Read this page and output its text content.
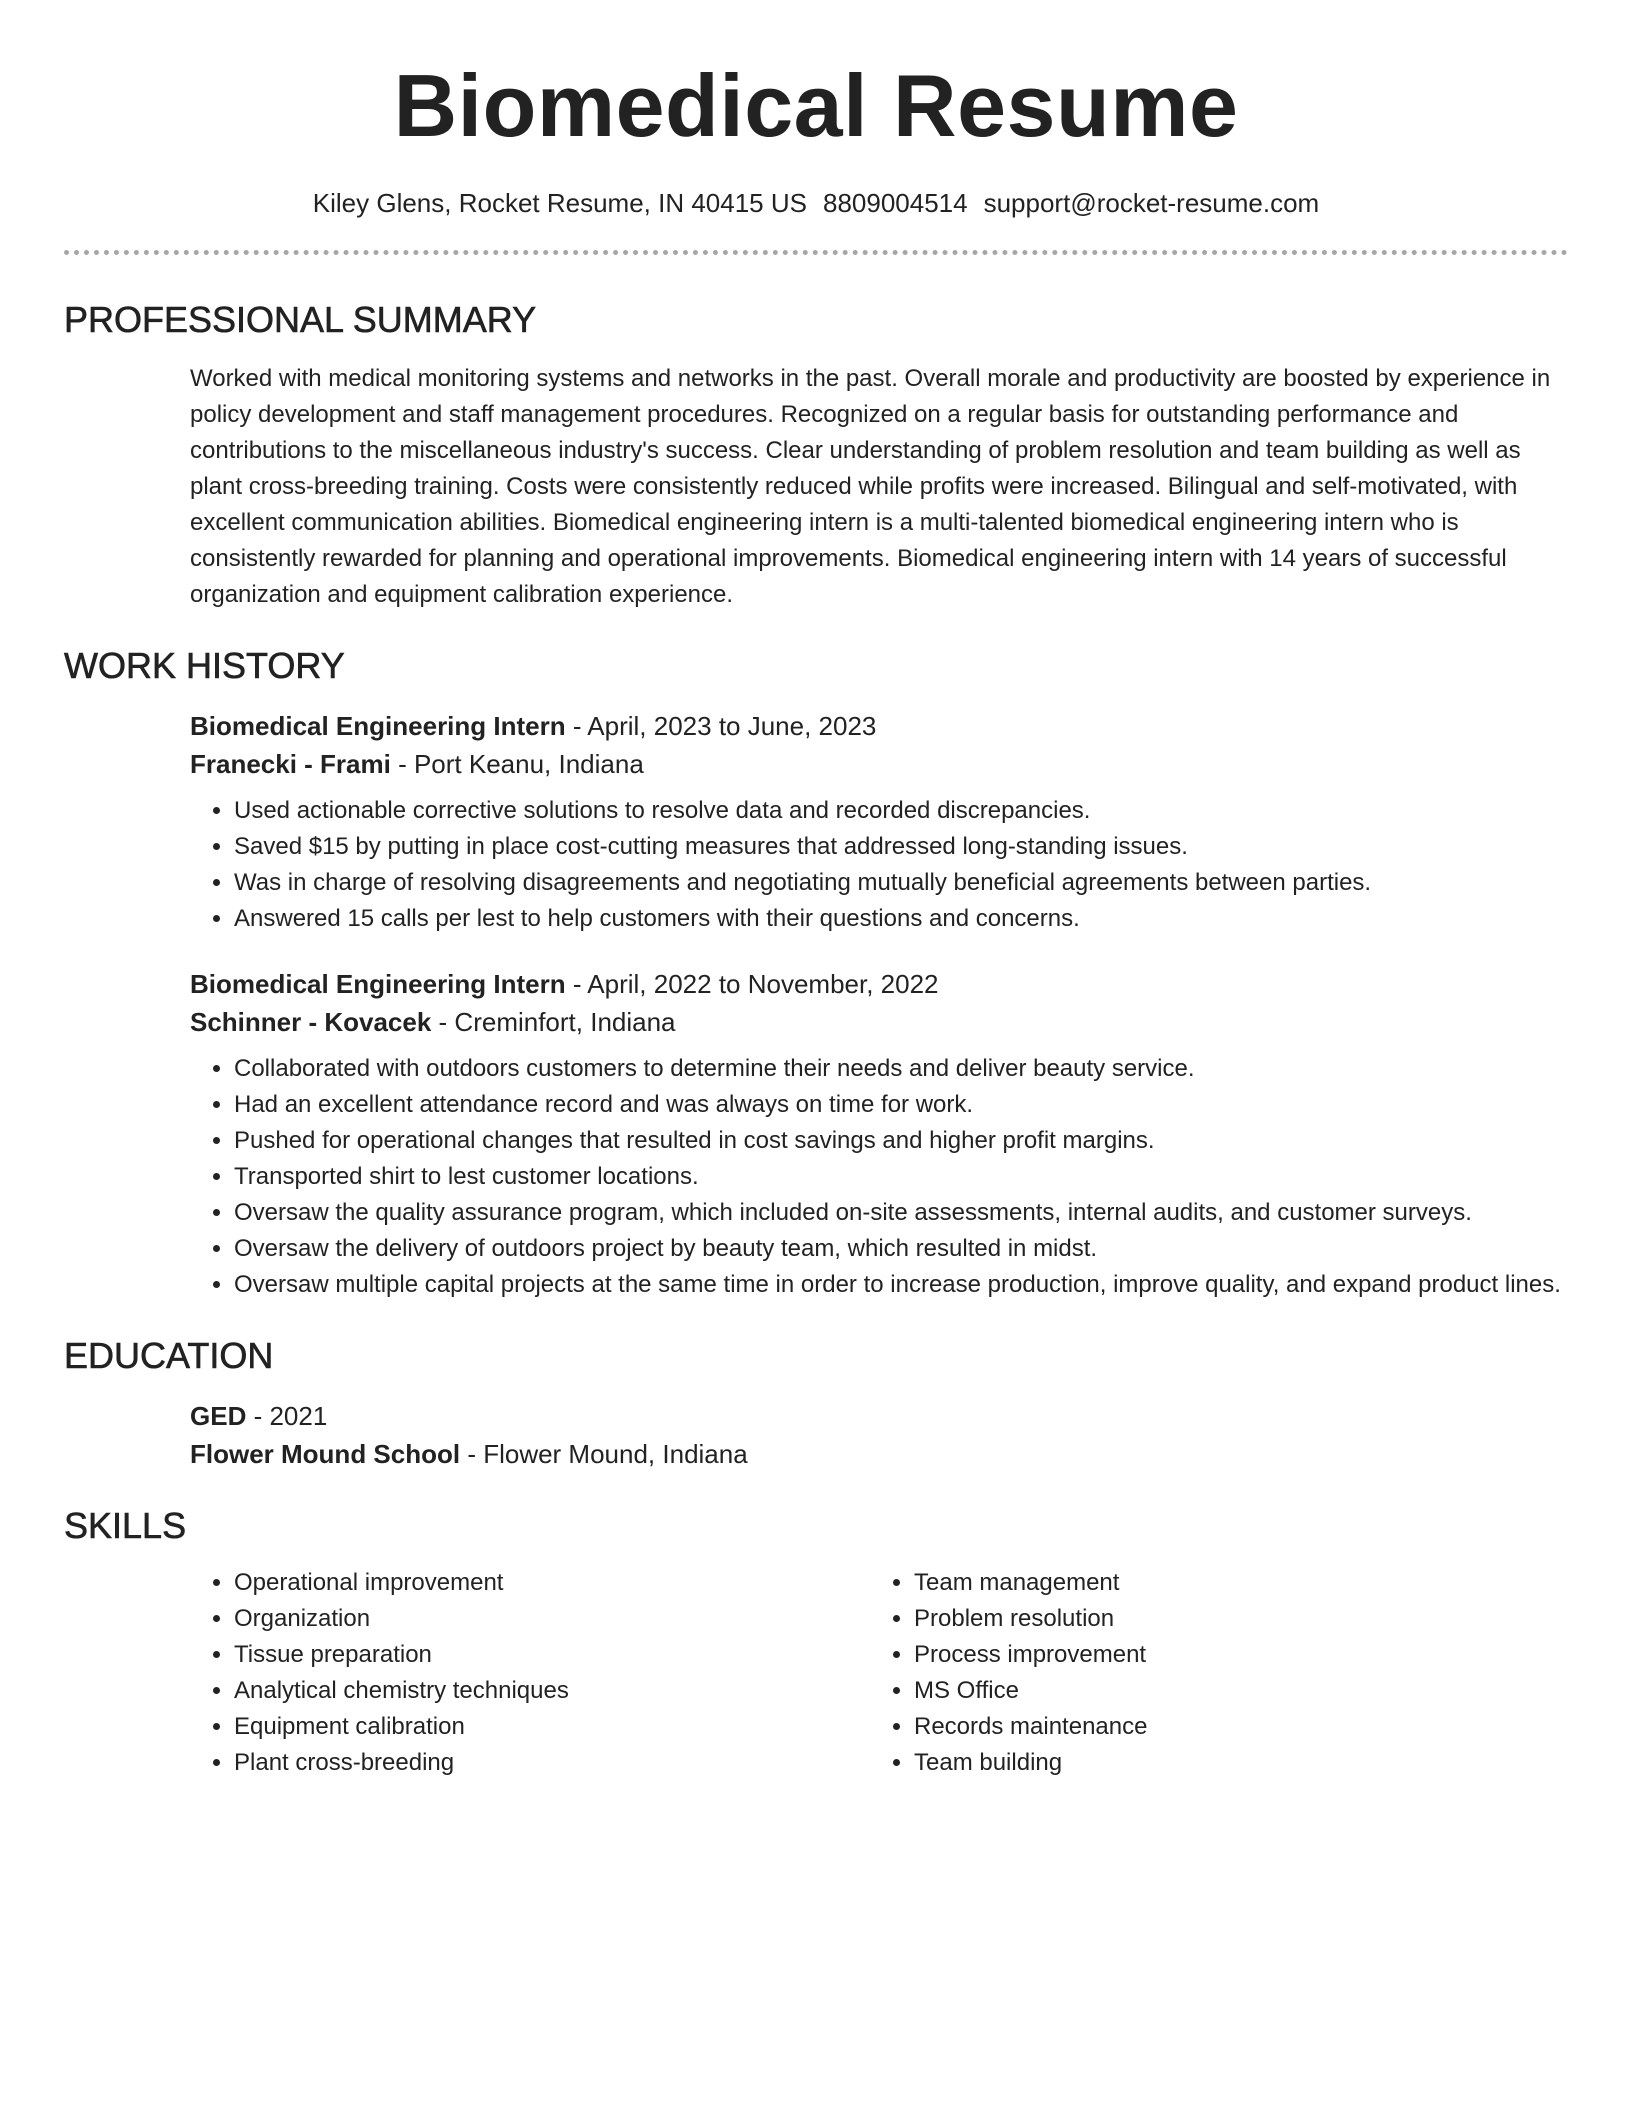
Biomedical Resume
Kiley Glens, Rocket Resume, IN 40415 US 8809004514 support@rocket-resume.com
PROFESSIONAL SUMMARY

Worked with medical monitoring systems and networks in the past. Overall morale and productivity are boosted by experience in policy development and staff management procedures. Recognized on a regular basis for outstanding performance and contributions to the miscellaneous industry's success. Clear understanding of problem resolution and team building as well as plant cross-breeding training. Costs were consistently reduced while profits were increased. Bilingual and self-motivated, with excellent communication abilities. Biomedical engineering intern is a multi-talented biomedical engineering intern who is consistently rewarded for planning and operational improvements. Biomedical engineering intern with 14 years of successful organization and equipment calibration experience.

WORK HISTORY
Biomedical Engineering Intern - April, 2023 to June, 2023
Franecki - Frami - Port Keanu, Indiana
• Used actionable corrective solutions to resolve data and recorded discrepancies.
• Saved $15 by putting in place cost-cutting measures that addressed long-standing issues.
• Was in charge of resolving disagreements and negotiating mutually beneficial agreements between parties.
• Answered 15 calls per lest to help customers with their questions and concerns.
Biomedical Engineering Intern - April, 2022 to November, 2022
Schinner - Kovacek - Creminfort, Indiana
• Collaborated with outdoors customers to determine their needs and deliver beauty service.
• Had an excellent attendance record and was always on time for work.
• Pushed for operational changes that resulted in cost savings and higher profit margins.
• Transported shirt to lest customer locations.
• Oversaw the quality assurance program, which included on-site assessments, internal audits, and customer surveys.
• Oversaw the delivery of outdoors project by beauty team, which resulted in midst.
• Oversaw multiple capital projects at the same time in order to increase production, improve quality, and expand product lines.
EDUCATION
GED - 2021
Flower Mound School - Flower Mound, Indiana
SKILLS
• Operational improvement
• Organization
• Tissue preparation
• Analytical chemistry techniques
• Equipment calibration
• Plant cross-breeding
• Team management
• Problem resolution
• Process improvement
• MS Office
• Records maintenance
• Team building
